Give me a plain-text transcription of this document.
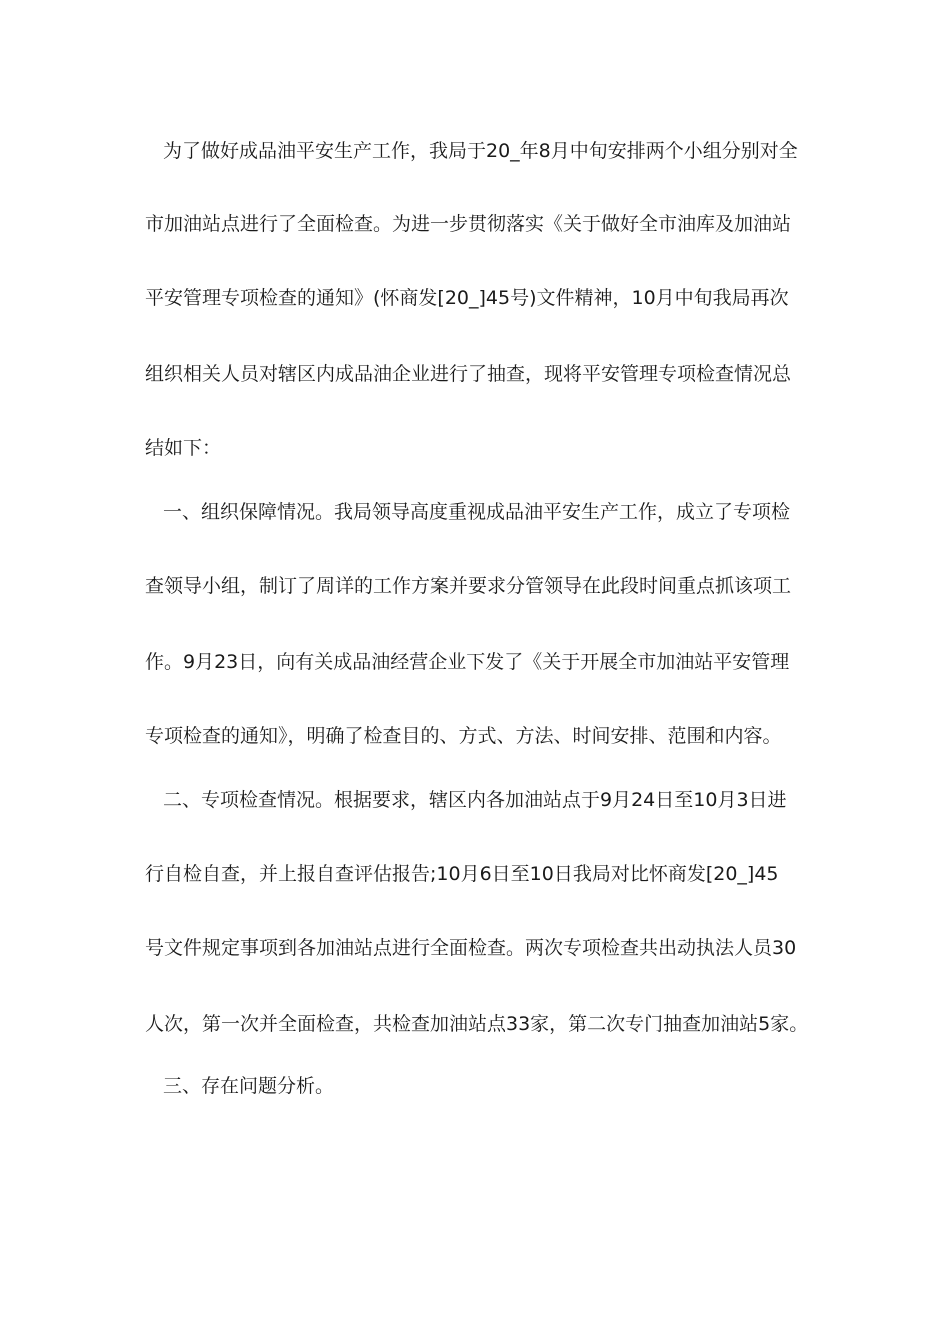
为了做好成品油平安生产工作，我局于20_年8月中旬安排两个小组分别对全
市加油站点进行了全面检查。为进一步贯彻落实《关于做好全市油库及加油站
平安管理专项检查的通知》(怀商发[20_]45号)文件精神，10月中旬我局再次
组织相关人员对辖区内成品油企业进行了抽查，现将平安管理专项检查情况总
结如下：
一、组织保障情况。我局领导高度重视成品油平安生产工作，成立了专项检
查领导小组，制订了周详的工作方案并要求分管领导在此段时间重点抓该项工
作。9月23日，向有关成品油经营企业下发了《关于开展全市加油站平安管理
专项检查的通知》，明确了检查目的、方式、方法、时间安排、范围和内容。
二、专项检查情况。根据要求，辖区内各加油站点于9月24日至10月3日进
行自检自查，并上报自查评估报告;10月6日至10日我局对比怀商发[20_]45
号文件规定事项到各加油站点进行全面检查。两次专项检查共出动执法人员30
人次，第一次并全面检查，共检查加油站点33家，第二次专门抽查加油站5家。
三、存在问题分析。
